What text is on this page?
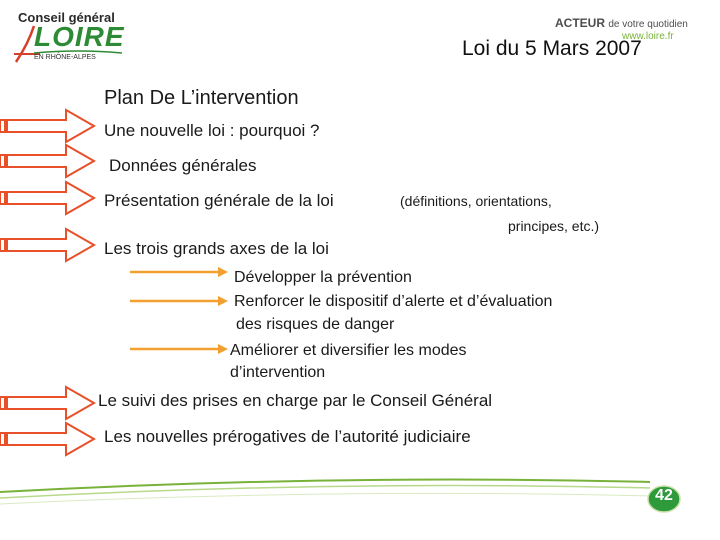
Conseil général
LOIRE
EN RHÔNE-ALPES
ACTEUR de votre quotidien
www.loire.fr
Loi du 5 Mars 2007
Plan De L’intervention
Une nouvelle loi : pourquoi ?
Données générales
Présentation générale de la loi	(définitions, orientations,
principes, etc.)
Les trois grands axes de la loi
Développer la prévention
Renforcer le dispositif d’alerte et d’évaluation
des risques de danger
Améliorer et diversifier les modes
d’intervention
Le suivi des prises en charge par le Conseil Général
Les nouvelles prérogatives de l’autorité judiciaire
42
